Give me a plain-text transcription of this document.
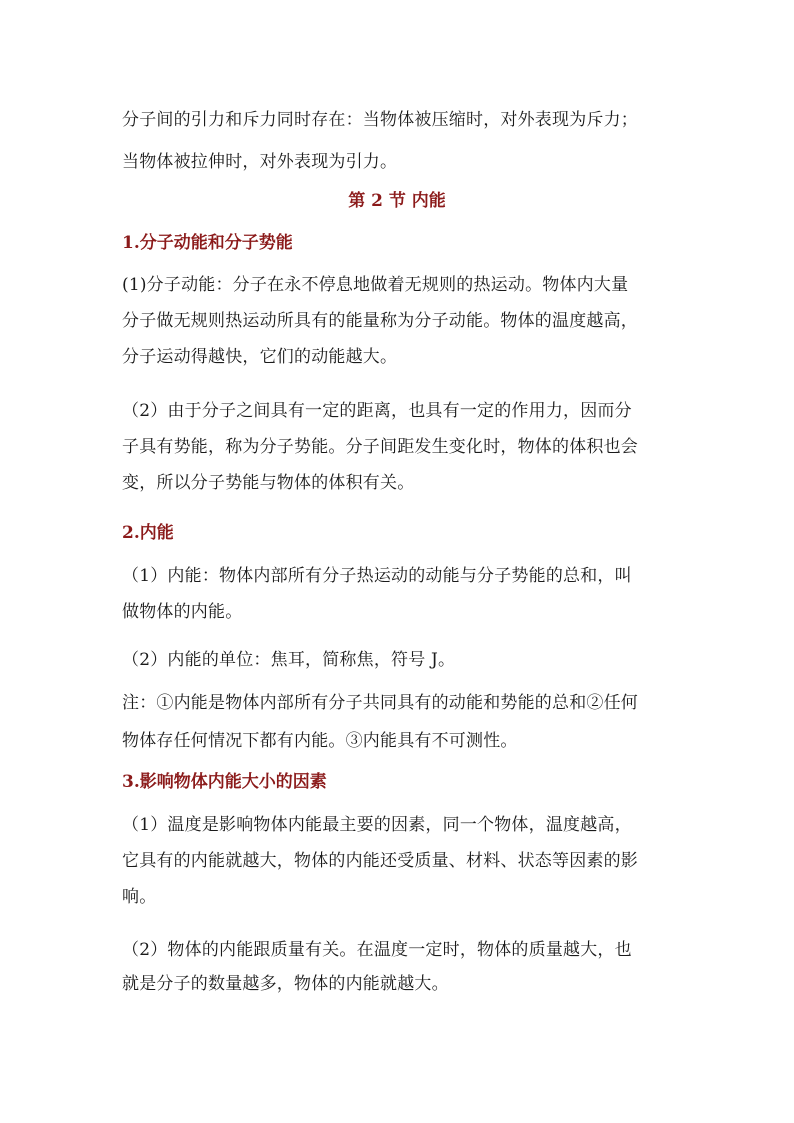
分子间的引力和斥力同时存在：当物体被压缩时，对外表现为斥力；
当物体被拉伸时，对外表现为引力。
第 2 节 内能
1.分子动能和分子势能
(1)分子动能：分子在永不停息地做着无规则的热运动。物体内大量
分子做无规则热运动所具有的能量称为分子动能。物体的温度越高，
分子运动得越快，它们的动能越大。
（2）由于分子之间具有一定的距离，也具有一定的作用力，因而分
子具有势能，称为分子势能。分子间距发生变化时，物体的体积也会
变，所以分子势能与物体的体积有关。
2.内能
（1）内能：物体内部所有分子热运动的动能与分子势能的总和，叫
做物体的内能。
（2）内能的单位：焦耳，简称焦，符号 J。
注：①内能是物体内部所有分子共同具有的动能和势能的总和②任何
物体存任何情况下都有内能。③内能具有不可测性。
3.影响物体内能大小的因素
（1）温度是影响物体内能最主要的因素，同一个物体，温度越高，
它具有的内能就越大，物体的内能还受质量、材料、状态等因素的影
响。
（2）物体的内能跟质量有关。在温度一定时，物体的质量越大，也
就是分子的数量越多，物体的内能就越大。
